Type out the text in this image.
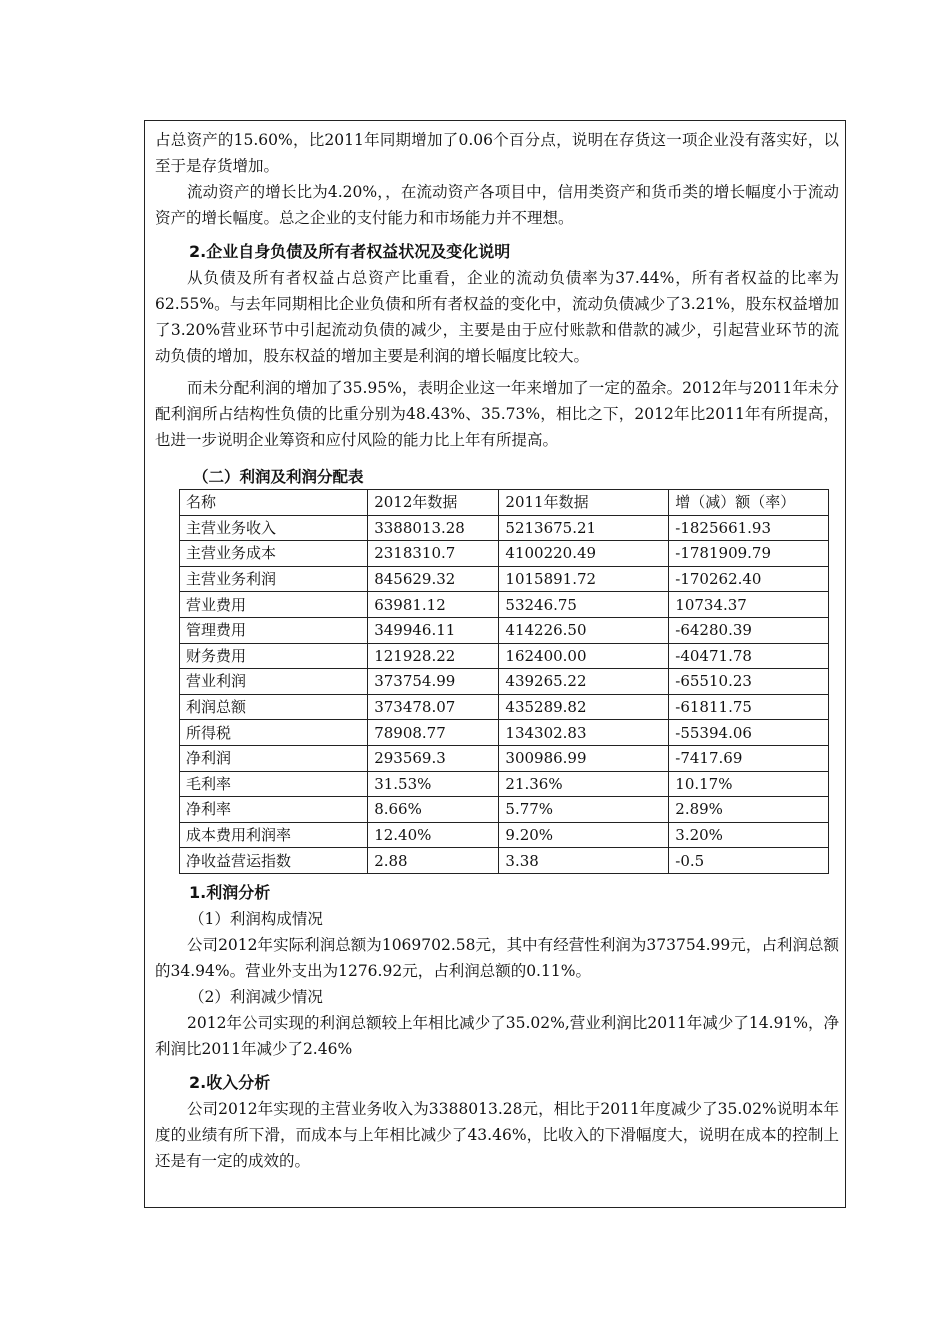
占总资产的15.60%，比2011年同期增加了0.06个百分点，说明在存货这一项企业没有落实好，以至于是存货增加。

流动资产的增长比为4.20%，，在流动资产各项目中，信用类资产和货币类的增长幅度小于流动资产的增长幅度。总之企业的支付能力和市场能力并不理想。

2.企业自身负债及所有者权益状况及变化说明

从负债及所有者权益占总资产比重看，企业的流动负债率为37.44%，所有者权益的比率为62.55%。与去年同期相比企业负债和所有者权益的变化中，流动负债减少了3.21%，股东权益增加了3.20%营业环节中引起流动负债的减少，主要是由于应付账款和借款的减少，引起营业环节的流动负债的增加，股东权益的增加主要是利润的增长幅度比较大。

而未分配利润的增加了35.95%，表明企业这一年来增加了一定的盈余。2012年与2011年未分配利润所占结构性负债的比重分别为48.43%、35.73%，相比之下，2012年比2011年有所提高，也进一步说明企业筹资和应付风险的能力比上年有所提高。

（二）利润及利润分配表
名称	2012年数据	2011年数据	增（减）额（率）
主营业务收入	3388013.28	5213675.21	-1825661.93
主营业务成本	2318310.7	4100220.49	-1781909.79
主营业务利润	845629.32	1015891.72	-170262.40
营业费用	63981.12	53246.75	10734.37
管理费用	349946.11	414226.50	-64280.39
财务费用	121928.22	162400.00	-40471.78
营业利润	373754.99	439265.22	-65510.23
利润总额	373478.07	435289.82	-61811.75
所得税	78908.77	134302.83	-55394.06
净利润	293569.3	300986.99	-7417.69
毛利率	31.53%	21.36%	10.17%
净利率	8.66%	5.77%	2.89%
成本费用利润率	12.40%	9.20%	3.20%
净收益营运指数	2.88	3.38	-0.5
1.利润分析
（1）利润构成情况

公司2012年实际利润总额为1069702.58元，其中有经营性利润为373754.99元，占利润总额的34.94%。营业外支出为1276.92元，占利润总额的0.11%。

（2）利润减少情况

2012年公司实现的利润总额较上年相比减少了35.02%,营业利润比2011年减少了14.91%，净利润比2011年减少了2.46%

2.收入分析

公司2012年实现的主营业务收入为3388013.28元，相比于2011年度减少了35.02%说明本年度的业绩有所下滑，而成本与上年相比减少了43.46%，比收入的下滑幅度大，说明在成本的控制上还是有一定的成效的。
